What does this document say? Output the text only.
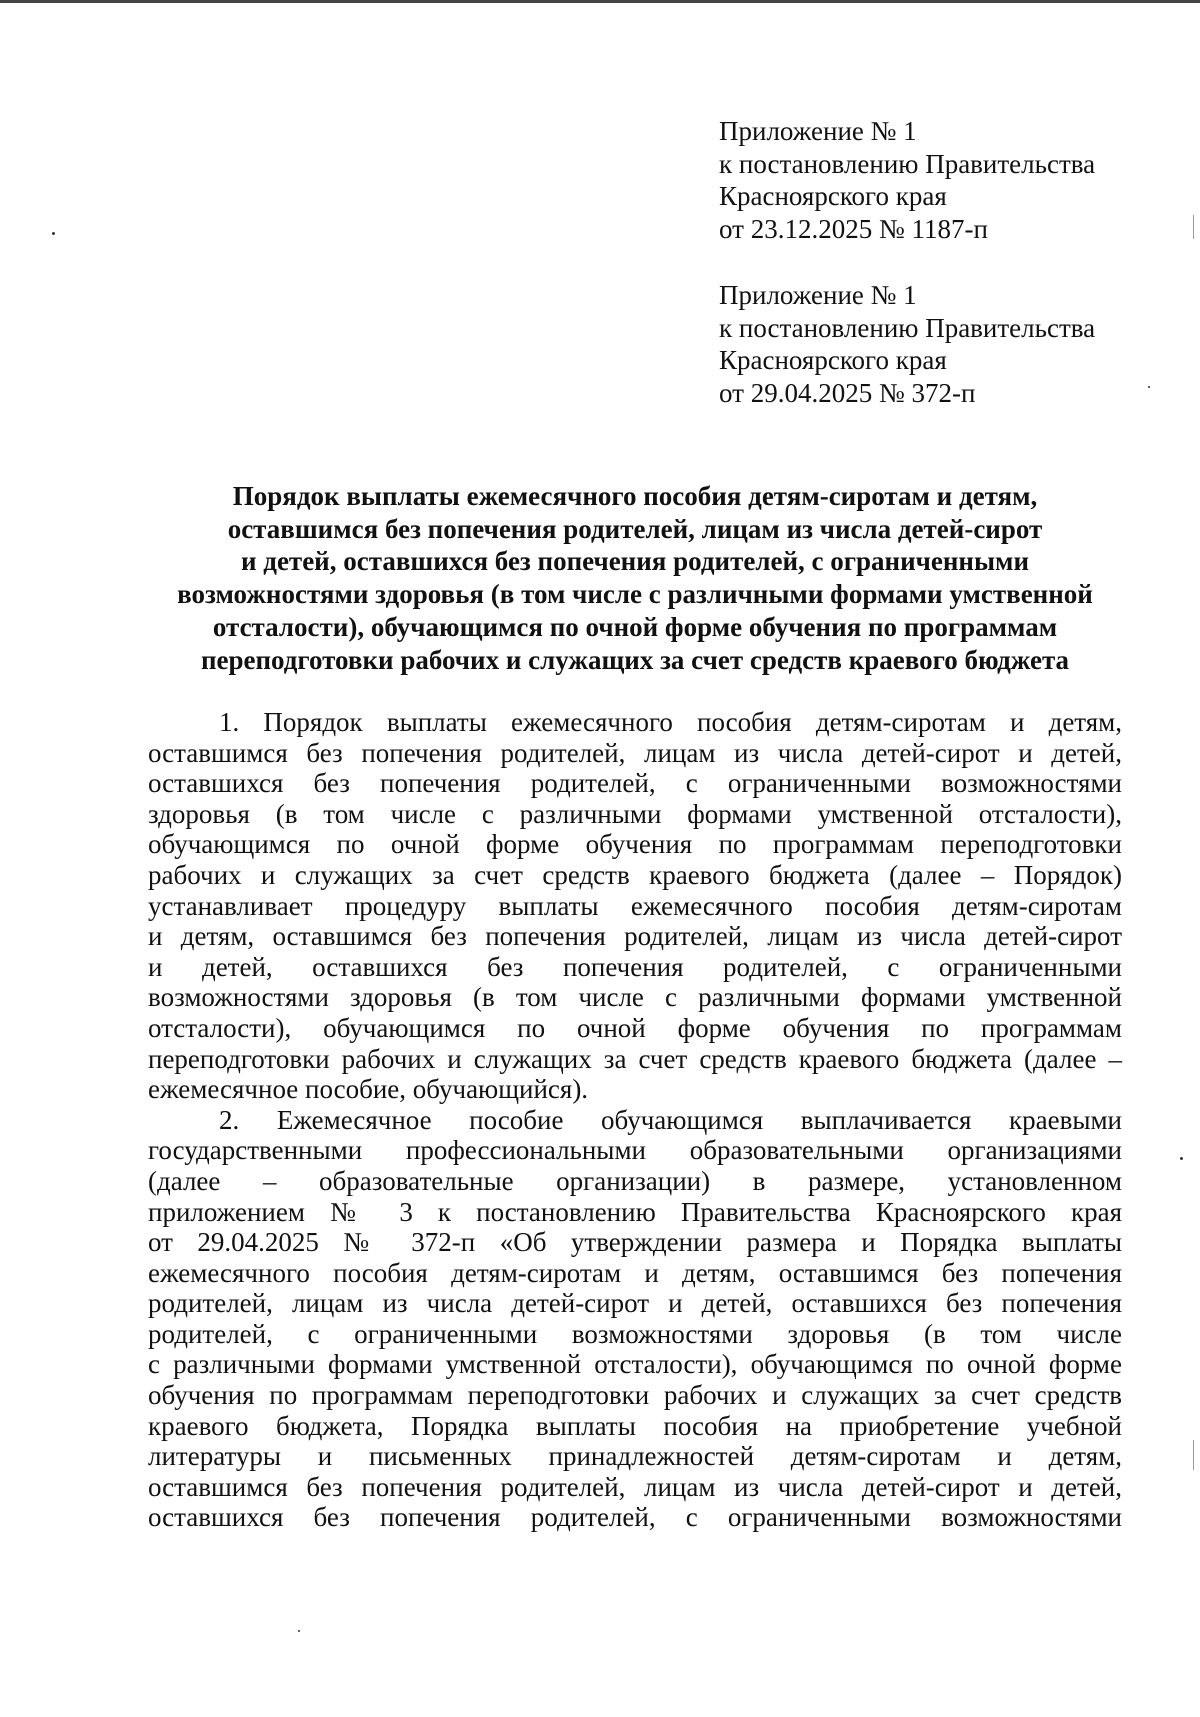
Приложение № 1
к постановлению Правительства
Красноярского края
от 23.12.2025 № 1187-п
Приложение № 1
к постановлению Правительства
Красноярского края
от 29.04.2025 № 372-п
Порядок выплаты ежемесячного пособия детям-сиротам и детям,
оставшимся без попечения родителей, лицам из числа детей-сирот
и детей, оставшихся без попечения родителей, с ограниченными
возможностями здоровья (в том числе с различными формами умственной
отсталости), обучающимся по очной форме обучения по программам
переподготовки рабочих и служащих за счет средств краевого бюджета
1. Порядок выплаты ежемесячного пособия детям-сиротам и детям,
оставшимся без попечения родителей, лицам из числа детей-сирот и детей,
оставшихся без попечения родителей, с ограниченными возможностями
здоровья (в том числе с различными формами умственной отсталости),
обучающимся по очной форме обучения по программам переподготовки
рабочих и служащих за счет средств краевого бюджета (далее – Порядок)
устанавливает процедуру выплаты ежемесячного пособия детям-сиротам
и детям, оставшимся без попечения родителей, лицам из числа детей-сирот
и детей, оставшихся без попечения родителей, с ограниченными
возможностями здоровья (в том числе с различными формами умственной
отсталости), обучающимся по очной форме обучения по программам
переподготовки рабочих и служащих за счет средств краевого бюджета (далее –
ежемесячное пособие, обучающийся).
2. Ежемесячное пособие обучающимся выплачивается краевыми
государственными профессиональными образовательными организациями
(далее – образовательные организации) в размере, установленном
приложением № 3 к постановлению Правительства Красноярского края
от 29.04.2025 № 372-п «Об утверждении размера и Порядка выплаты
ежемесячного пособия детям-сиротам и детям, оставшимся без попечения
родителей, лицам из числа детей-сирот и детей, оставшихся без попечения
родителей, с ограниченными возможностями здоровья (в том числе
с различными формами умственной отсталости), обучающимся по очной форме
обучения по программам переподготовки рабочих и служащих за счет средств
краевого бюджета, Порядка выплаты пособия на приобретение учебной
литературы и письменных принадлежностей детям-сиротам и детям,
оставшимся без попечения родителей, лицам из числа детей-сирот и детей,
оставшихся без попечения родителей, с ограниченными возможностями
